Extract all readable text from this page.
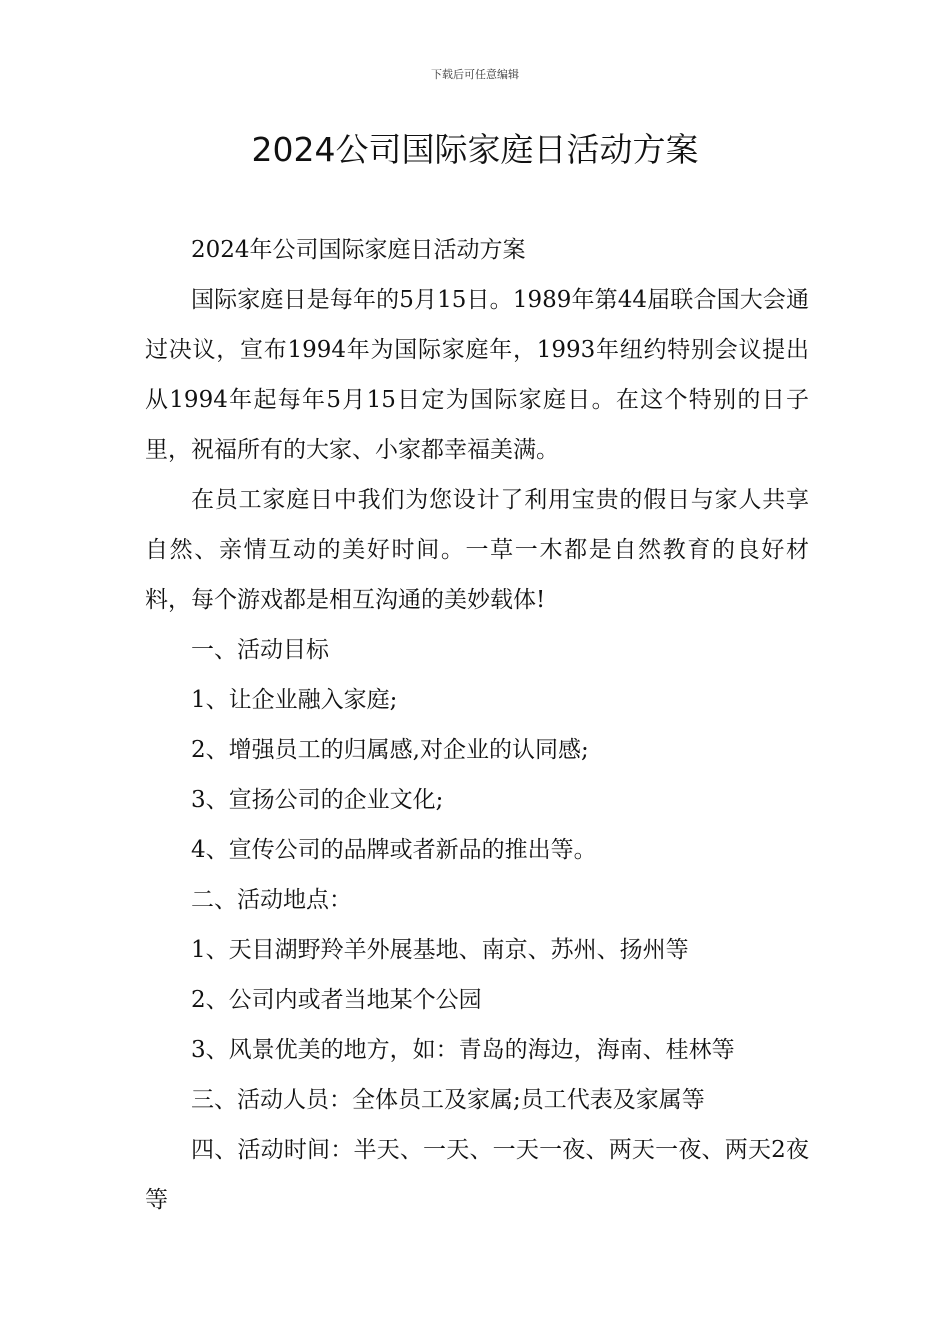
下载后可任意编辑
2024公司国际家庭日活动方案

2024年公司国际家庭日活动方案

国际家庭日是每年的5月15日。1989年第44届联合国大会通过决议，宣布1994年为国际家庭年，1993年纽约特别会议提出从1994年起每年5月15日定为国际家庭日。在这个特别的日子里，祝福所有的大家、小家都幸福美满。

在员工家庭日中我们为您设计了利用宝贵的假日与家人共享自然、亲情互动的美好时间。一草一木都是自然教育的良好材料，每个游戏都是相互沟通的美妙载体!

一、活动目标

1、让企业融入家庭;

2、增强员工的归属感,对企业的认同感;

3、宣扬公司的企业文化;

4、宣传公司的品牌或者新品的推出等。

二、活动地点：

1、天目湖野羚羊外展基地、南京、苏州、扬州等

2、公司内或者当地某个公园

3、风景优美的地方，如：青岛的海边，海南、桂林等

三、活动人员：全体员工及家属;员工代表及家属等

四、活动时间：半天、一天、一天一夜、两天一夜、两天2夜等
